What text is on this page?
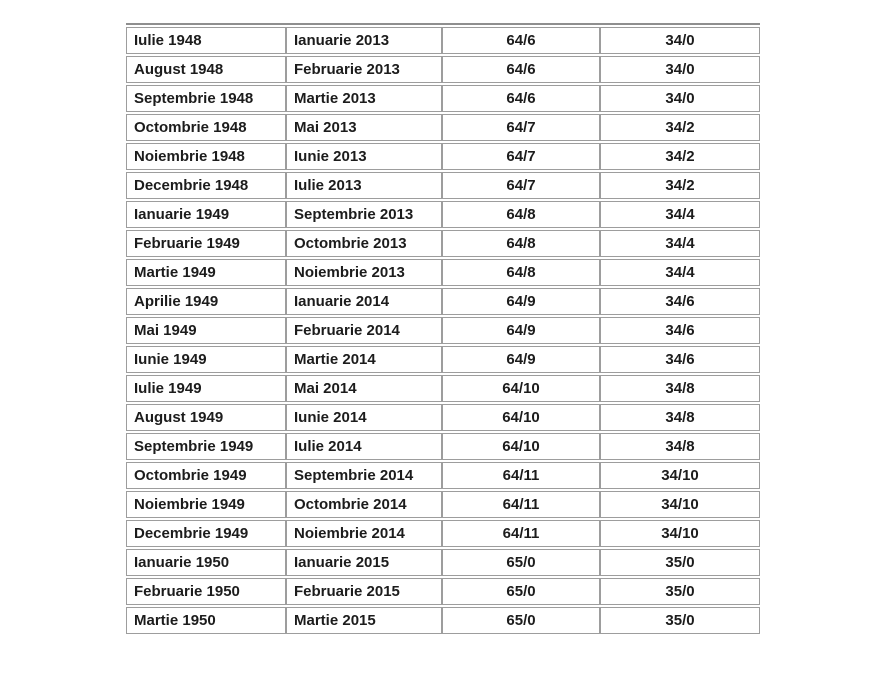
Iulie 1948	Ianuarie 2013	64/6	34/0
August 1948	Februarie 2013	64/6	34/0
Septembrie 1948	Martie 2013	64/6	34/0
Octombrie 1948	Mai 2013	64/7	34/2
Noiembrie 1948	Iunie 2013	64/7	34/2
Decembrie 1948	Iulie 2013	64/7	34/2
Ianuarie 1949	Septembrie 2013	64/8	34/4
Februarie 1949	Octombrie 2013	64/8	34/4
Martie 1949	Noiembrie 2013	64/8	34/4
Aprilie 1949	Ianuarie 2014	64/9	34/6
Mai 1949	Februarie 2014	64/9	34/6
Iunie 1949	Martie 2014	64/9	34/6
Iulie 1949	Mai 2014	64/10	34/8
August 1949	Iunie 2014	64/10	34/8
Septembrie 1949	Iulie 2014	64/10	34/8
Octombrie 1949	Septembrie 2014	64/11	34/10
Noiembrie 1949	Octombrie 2014	64/11	34/10
Decembrie 1949	Noiembrie 2014	64/11	34/10
Ianuarie 1950	Ianuarie 2015	65/0	35/0
Februarie 1950	Februarie 2015	65/0	35/0
Martie 1950	Martie 2015	65/0	35/0
